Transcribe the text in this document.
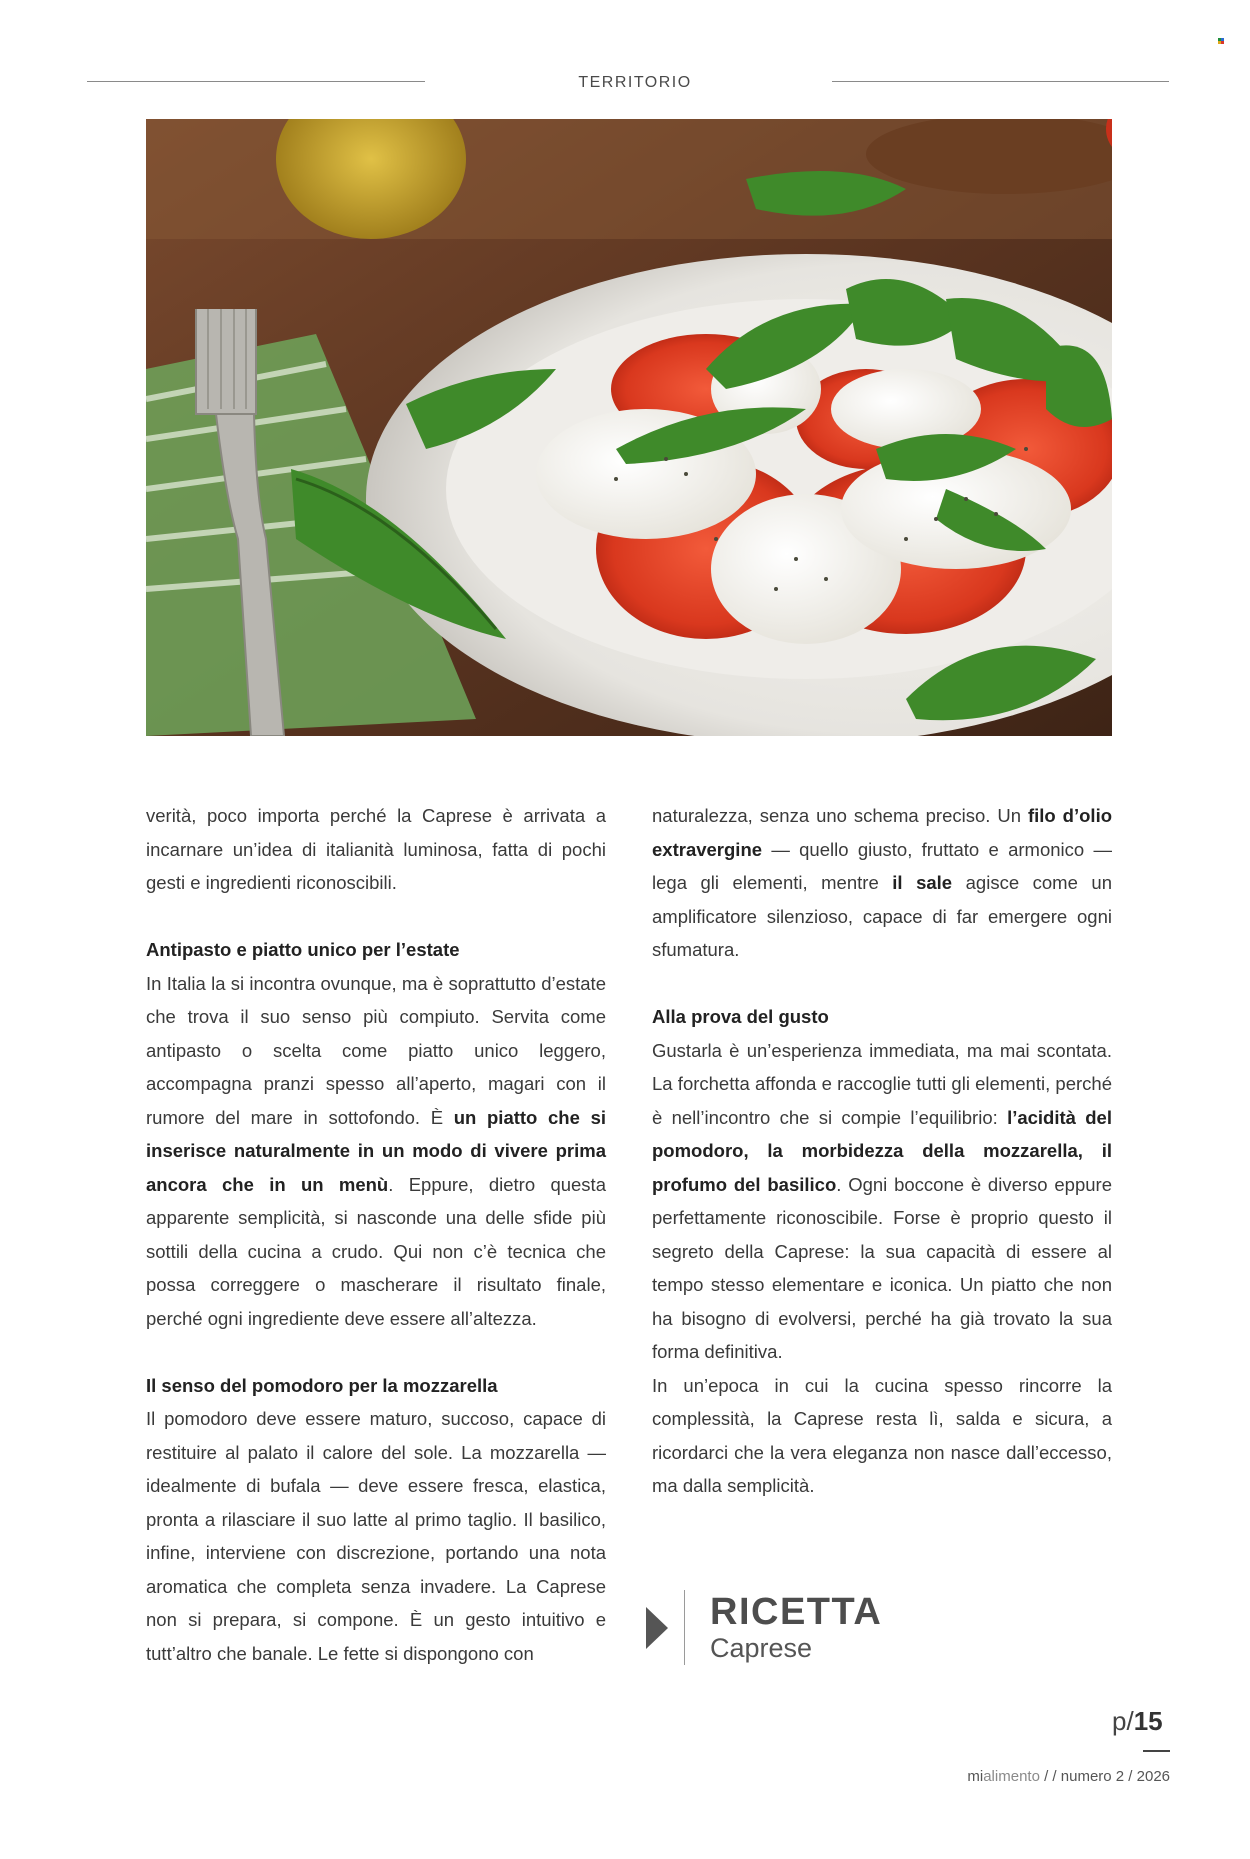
TERRITORIO

verità, poco importa perché la Caprese è arrivata a incarnare un’idea di italianità luminosa, fatta di pochi gesti e ingredienti riconoscibili.

Antipasto e piatto unico per l’estate

In Italia la si incontra ovunque, ma è soprattutto d’estate che trova il suo senso più compiuto. Servita come antipasto o scelta come piatto unico leggero, accompagna pranzi spesso all’aperto, magari con il rumore del mare in sottofondo. È un piatto che si inserisce naturalmente in un modo di vivere prima ancora che in un menù. Eppure, dietro questa apparente semplicità, si nasconde una delle sfide più sottili della cucina a crudo. Qui non c’è tecnica che possa correggere o mascherare il risultato finale, perché ogni ingrediente deve essere all’altezza.

Il senso del pomodoro per la mozzarella

Il pomodoro deve essere maturo, succoso, capace di restituire al palato il calore del sole. La mozzarella — idealmente di bufala — deve essere fresca, elastica, pronta a rilasciare il suo latte al primo taglio. Il basilico, infine, interviene con discrezione, portando una nota aromatica che completa senza invadere. La Caprese non si prepara, si compone. È un gesto intuitivo e tutt’altro che banale. Le fette si dispongono con

naturalezza, senza uno schema preciso. Un filo d’olio extravergine — quello giusto, fruttato e armonico — lega gli elementi, mentre il sale agisce come un amplificatore silenzioso, capace di far emergere ogni sfumatura.

Alla prova del gusto

Gustarla è un’esperienza immediata, ma mai scontata. La forchetta affonda e raccoglie tutti gli elementi, perché è nell’incontro che si compie l’equilibrio: l’acidità del pomodoro, la morbidezza della mozzarella, il profumo del basilico. Ogni boccone è diverso eppure perfettamente riconoscibile. Forse è proprio questo il segreto della Caprese: la sua capacità di essere al tempo stesso elementare e iconica. Un piatto che non ha bisogno di evolversi, perché ha già trovato la sua forma definitiva.

In un’epoca in cui la cucina spesso rincorre la complessità, la Caprese resta lì, salda e sicura, a ricordarci che la vera eleganza non nasce dall’eccesso, ma dalla semplicità.

RICETTA
Caprese
p/15
mialimento / / numero 2 / 2026
